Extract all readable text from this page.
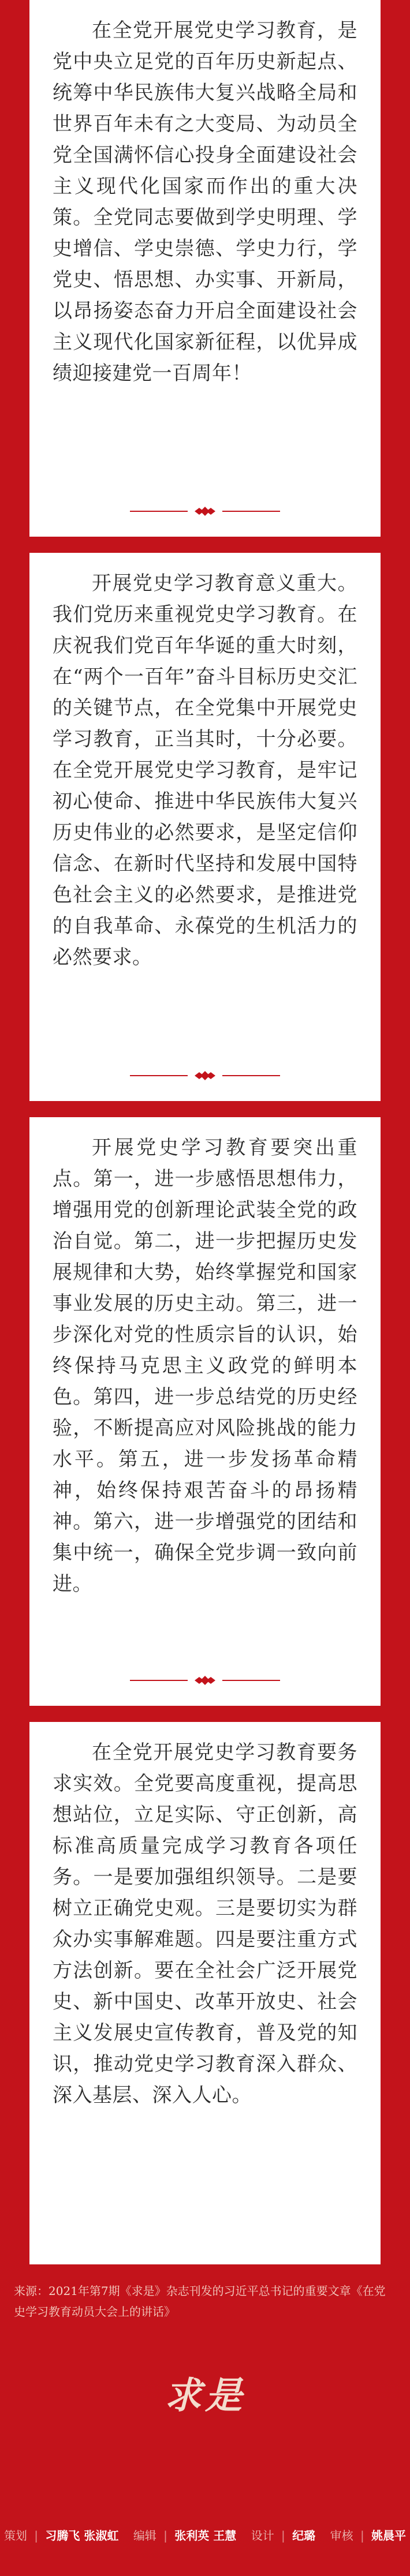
在全党开展党史学习教育，是党中央立足党的百年历史新起点、统筹中华民族伟大复兴战略全局和世界百年未有之大变局、为动员全党全国满怀信心投身全面建设社会主义现代化国家而作出的重大决策。全党同志要做到学史明理、学史增信、学史崇德、学史力行，学党史、悟思想、办实事、开新局，以昂扬姿态奋力开启全面建设社会主义现代化国家新征程，以优异成绩迎接建党一百周年！

开展党史学习教育意义重大。我们党历来重视党史学习教育。在庆祝我们党百年华诞的重大时刻，在“两个一百年”奋斗目标历史交汇的关键节点，在全党集中开展党史学习教育，正当其时，十分必要。在全党开展党史学习教育，是牢记初心使命、推进中华民族伟大复兴历史伟业的必然要求，是坚定信仰信念、在新时代坚持和发展中国特色社会主义的必然要求，是推进党的自我革命、永葆党的生机活力的必然要求。

开展党史学习教育要突出重点。第一，进一步感悟思想伟力，增强用党的创新理论武装全党的政治自觉。第二，进一步把握历史发展规律和大势，始终掌握党和国家事业发展的历史主动。第三，进一步深化对党的性质宗旨的认识，始终保持马克思主义政党的鲜明本色。第四，进一步总结党的历史经验，不断提高应对风险挑战的能力水平。第五，进一步发扬革命精神，始终保持艰苦奋斗的昂扬精神。第六，进一步增强党的团结和集中统一，确保全党步调一致向前进。

在全党开展党史学习教育要务求实效。全党要高度重视，提高思想站位，立足实际、守正创新，高标准高质量完成学习教育各项任务。一是要加强组织领导。二是要树立正确党史观。三是要切实为群众办实事解难题。四是要注重方式方法创新。要在全社会广泛开展党史、新中国史、改革开放史、社会主义发展史宣传教育，普及党的知识，推动党史学习教育深入群众、深入基层、深入人心。

来源：2021年第7期《求是》杂志刊发的习近平总书记的重要文章《在党史学习教育动员大会上的讲话》
求是
策划 | 习腾飞 张淑虹 编辑 | 张利英 王慧 设计 | 纪璐 审核 | 姚晨平
